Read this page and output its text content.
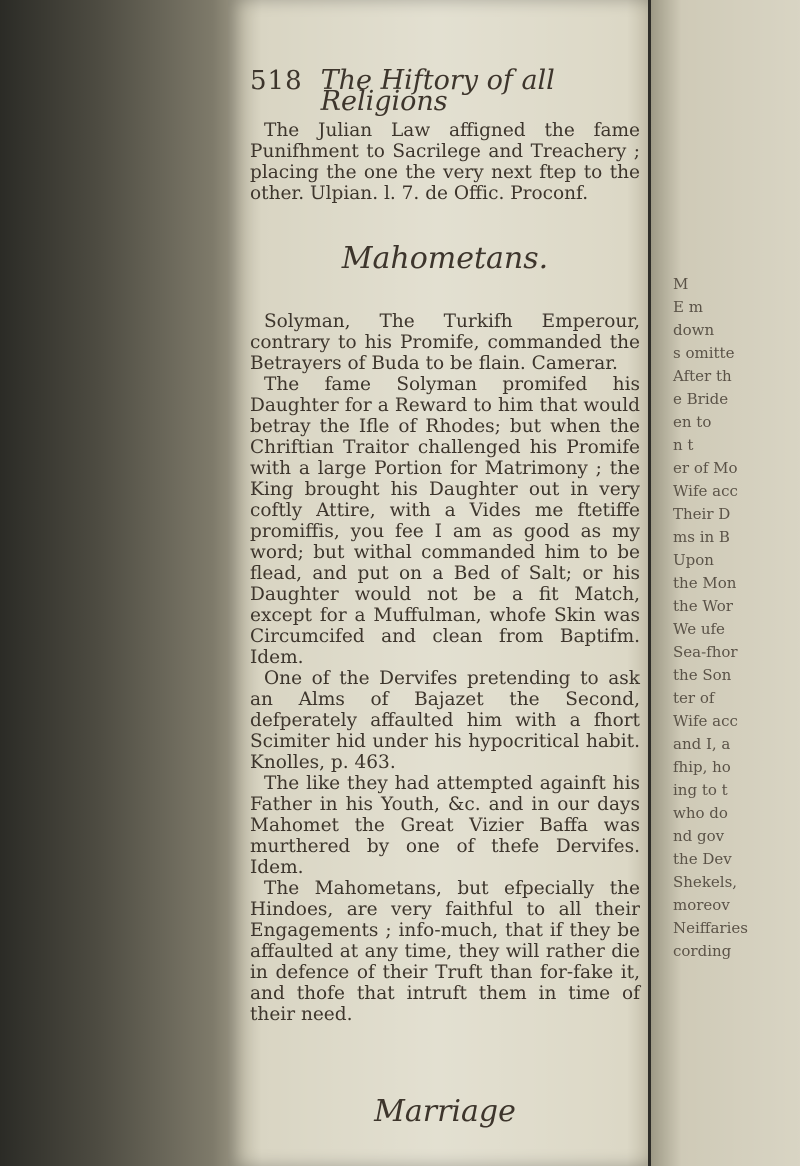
M
E m
down
s omitte
After th
e Bride
en to
n t
er of Mo
Wife acc
Their D
ms in B
Upon
the Mon
the Wor
We ufe
Sea-fhor
the Son
ter of
Wife acc
and I, a
fhip, ho
ing to t
who do
nd gov
the Dev
Shekels,
moreov
Neiffaries
cording
518 The Hiftory of all Religions

The Julian Law affigned the fame Punifhment to Sacrilege and Treachery ; placing the one the very next ftep to the other. Ulpian. l. 7. de Offic. Proconf.

Mahometans.

Solyman, The Turkifh Emperour, contrary to his Promife, commanded the Betrayers of Buda to be flain. Camerar.

The fame Solyman promifed his Daughter for a Reward to him that would betray the Ifle of Rhodes; but when the Chriftian Traitor challenged his Promife with a large Portion for Matrimony ; the King brought his Daughter out in very coftly Attire, with a Vides me ftetiffe promiffis, you fee I am as good as my word; but withal commanded him to be flead, and put on a Bed of Salt; or his Daughter would not be a fit Match, except for a Muffulman, whofe Skin was Circumcifed and clean from Baptifm. Idem.

One of the Dervifes pretending to ask an Alms of Bajazet the Second, defperately affaulted him with a fhort Scimiter hid under his hypocritical habit. Knolles, p. 463.

The like they had attempted againft his Father in his Youth, &c. and in our days Mahomet the Great Vizier Baffa was murthered by one of thefe Dervifes. Idem.

The Mahometans, but efpecially the Hindoes, are very faithful to all their Engagements ; info-much, that if they be affaulted at any time, they will rather die in defence of their Truft than for-fake it, and thofe that intruft them in time of their need.

Marriage
